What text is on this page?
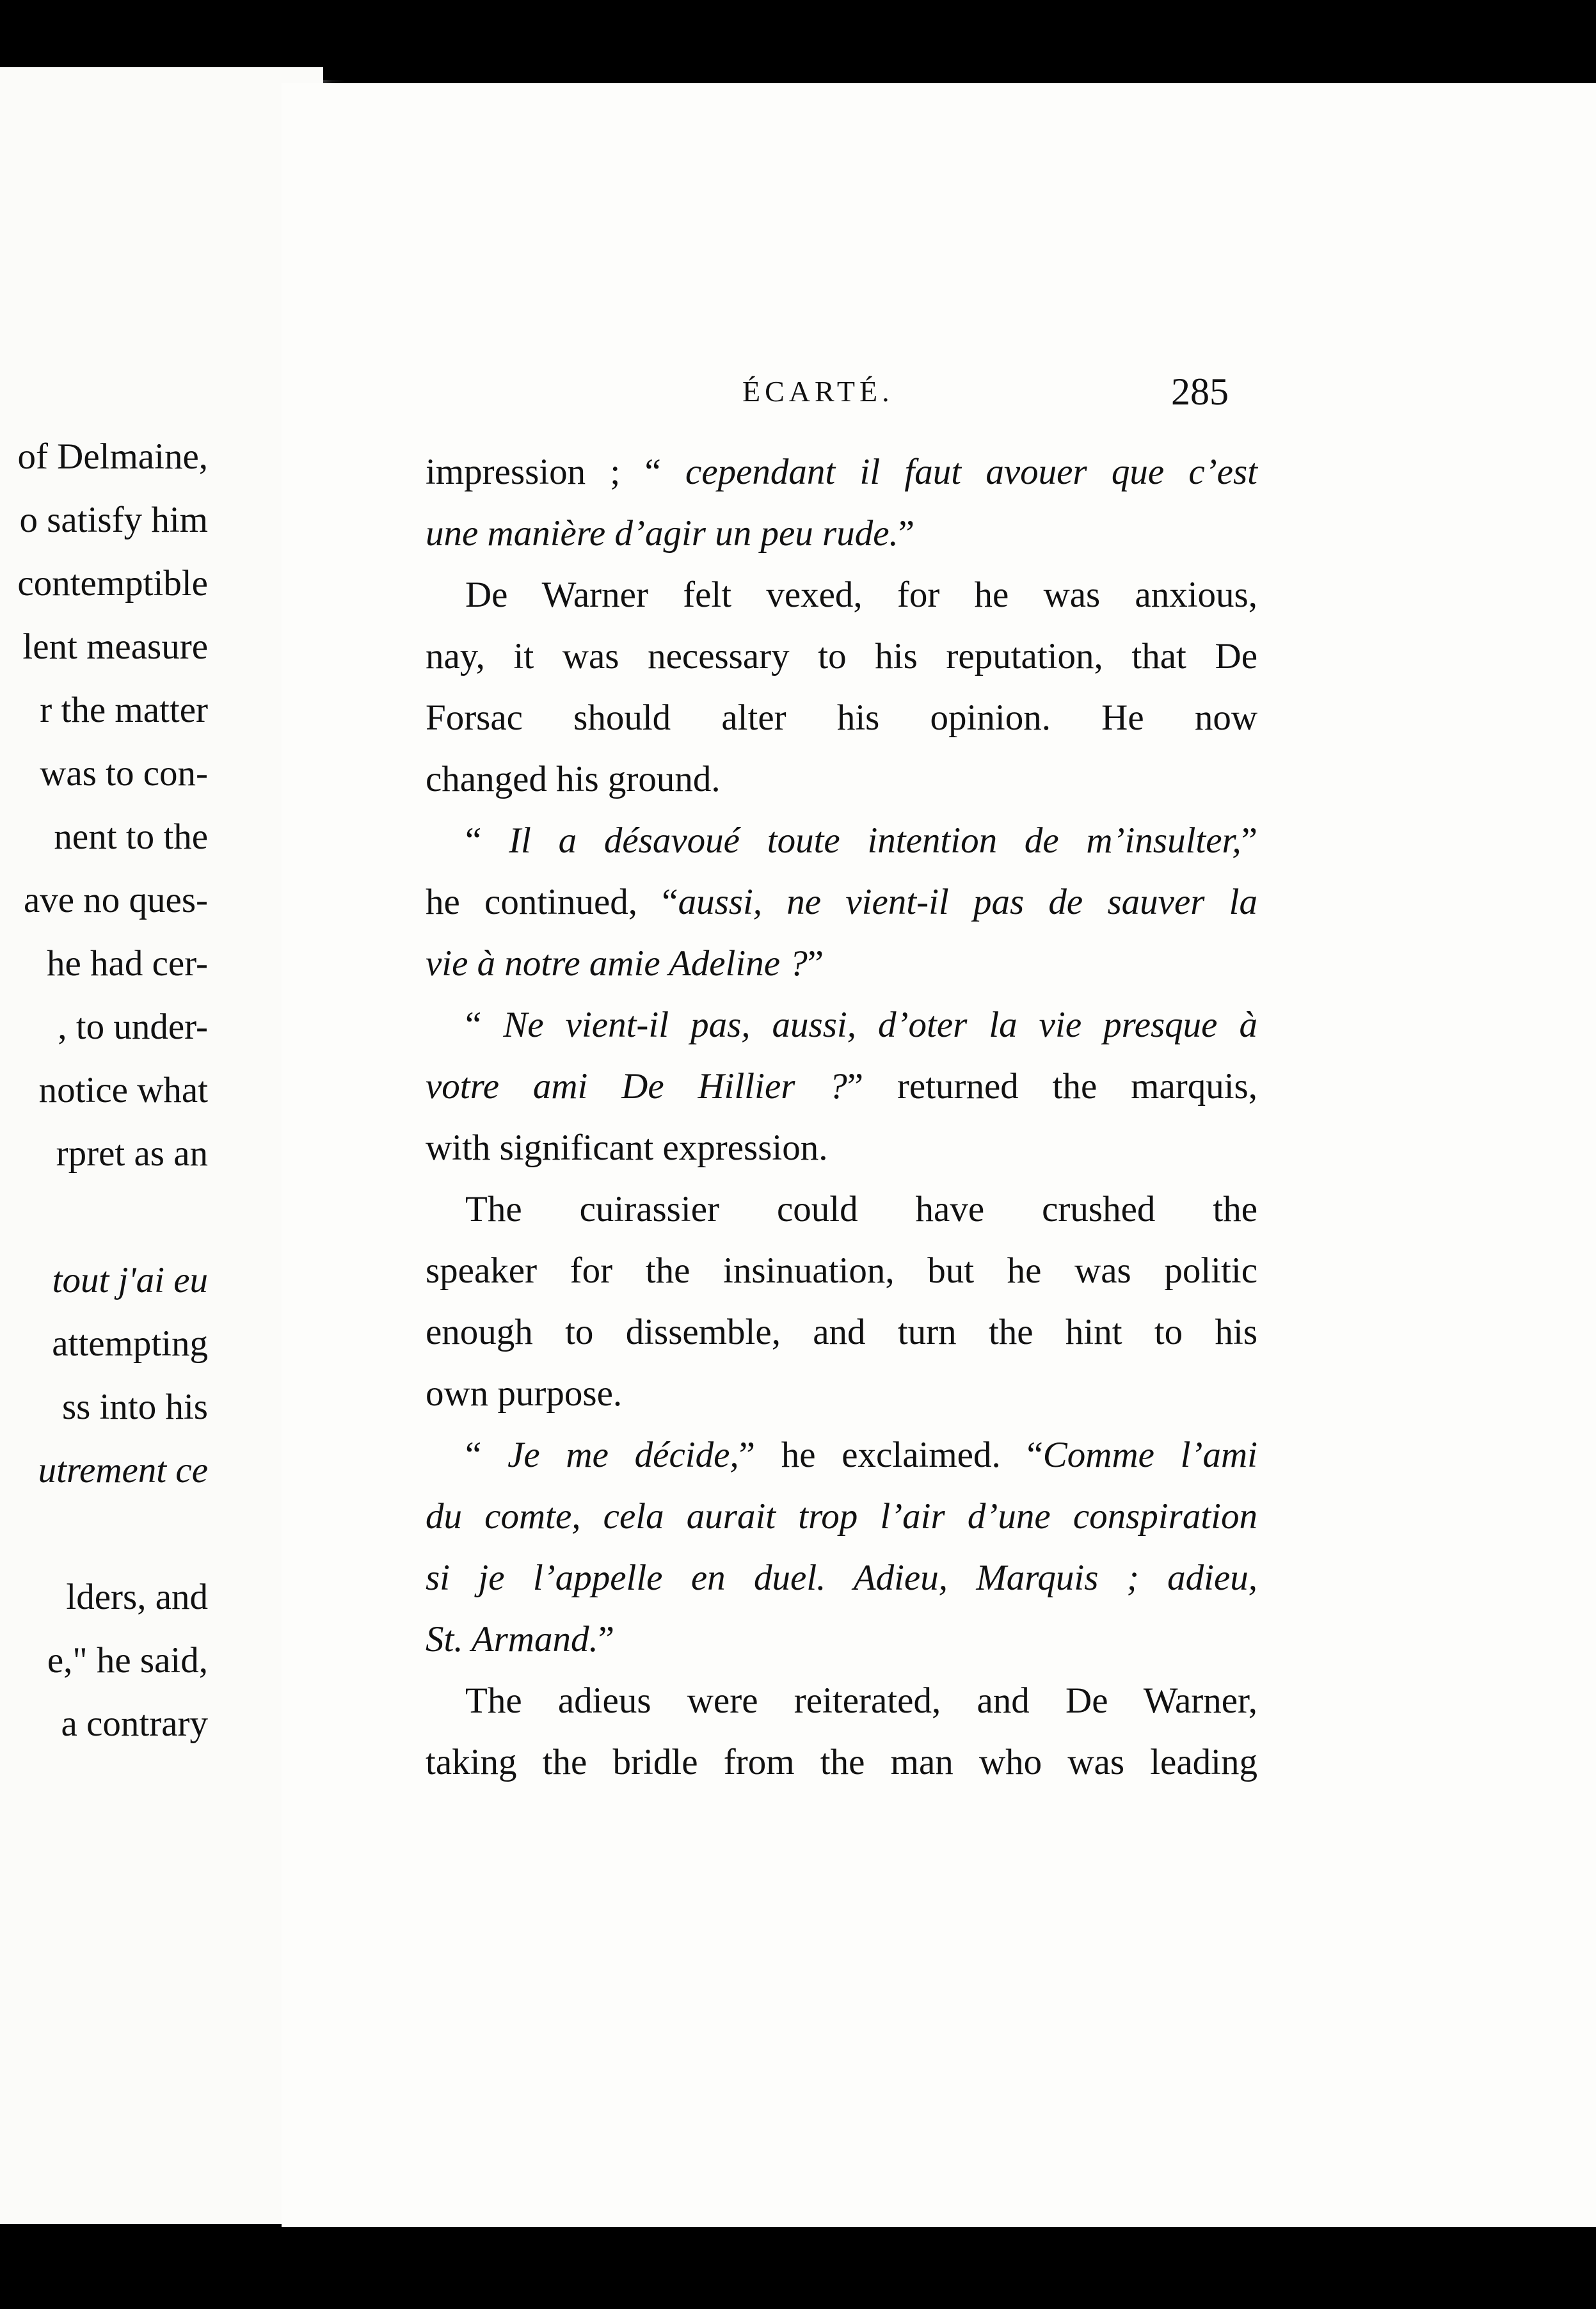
of Delmaine,
o satisfy him
contemptible
lent measure
r the matter
was to con-
nent to the
ave no ques-
he had cer-
, to under-
notice what
rpret as an
tout j'ai eu
attempting
ss into his
utrement ce
lders, and
e," he said,
a contrary
ÉCARTÉ.	285
impression ; “ cependant il faut avouer que c’est
une manière d’agir un peu rude.”
De Warner felt vexed, for he was anxious,
nay, it was necessary to his reputation, that De
Forsac should alter his opinion. He now
changed his ground.
“ Il a désavoué toute intention de m’insulter,”
he continued, “aussi, ne vient-il pas de sauver la
vie à notre amie Adeline ?”
“ Ne vient-il pas, aussi, d’oter la vie presque à
votre ami De Hillier ?” returned the marquis,
with significant expression.
The cuirassier could have crushed the
speaker for the insinuation, but he was politic
enough to dissemble, and turn the hint to his
own purpose.
“ Je me décide,” he exclaimed. “Comme l’ami
du comte, cela aurait trop l’air d’une conspiration
si je l’appelle en duel. Adieu, Marquis ; adieu,
St. Armand.”
The adieus were reiterated, and De Warner,
taking the bridle from the man who was leading
